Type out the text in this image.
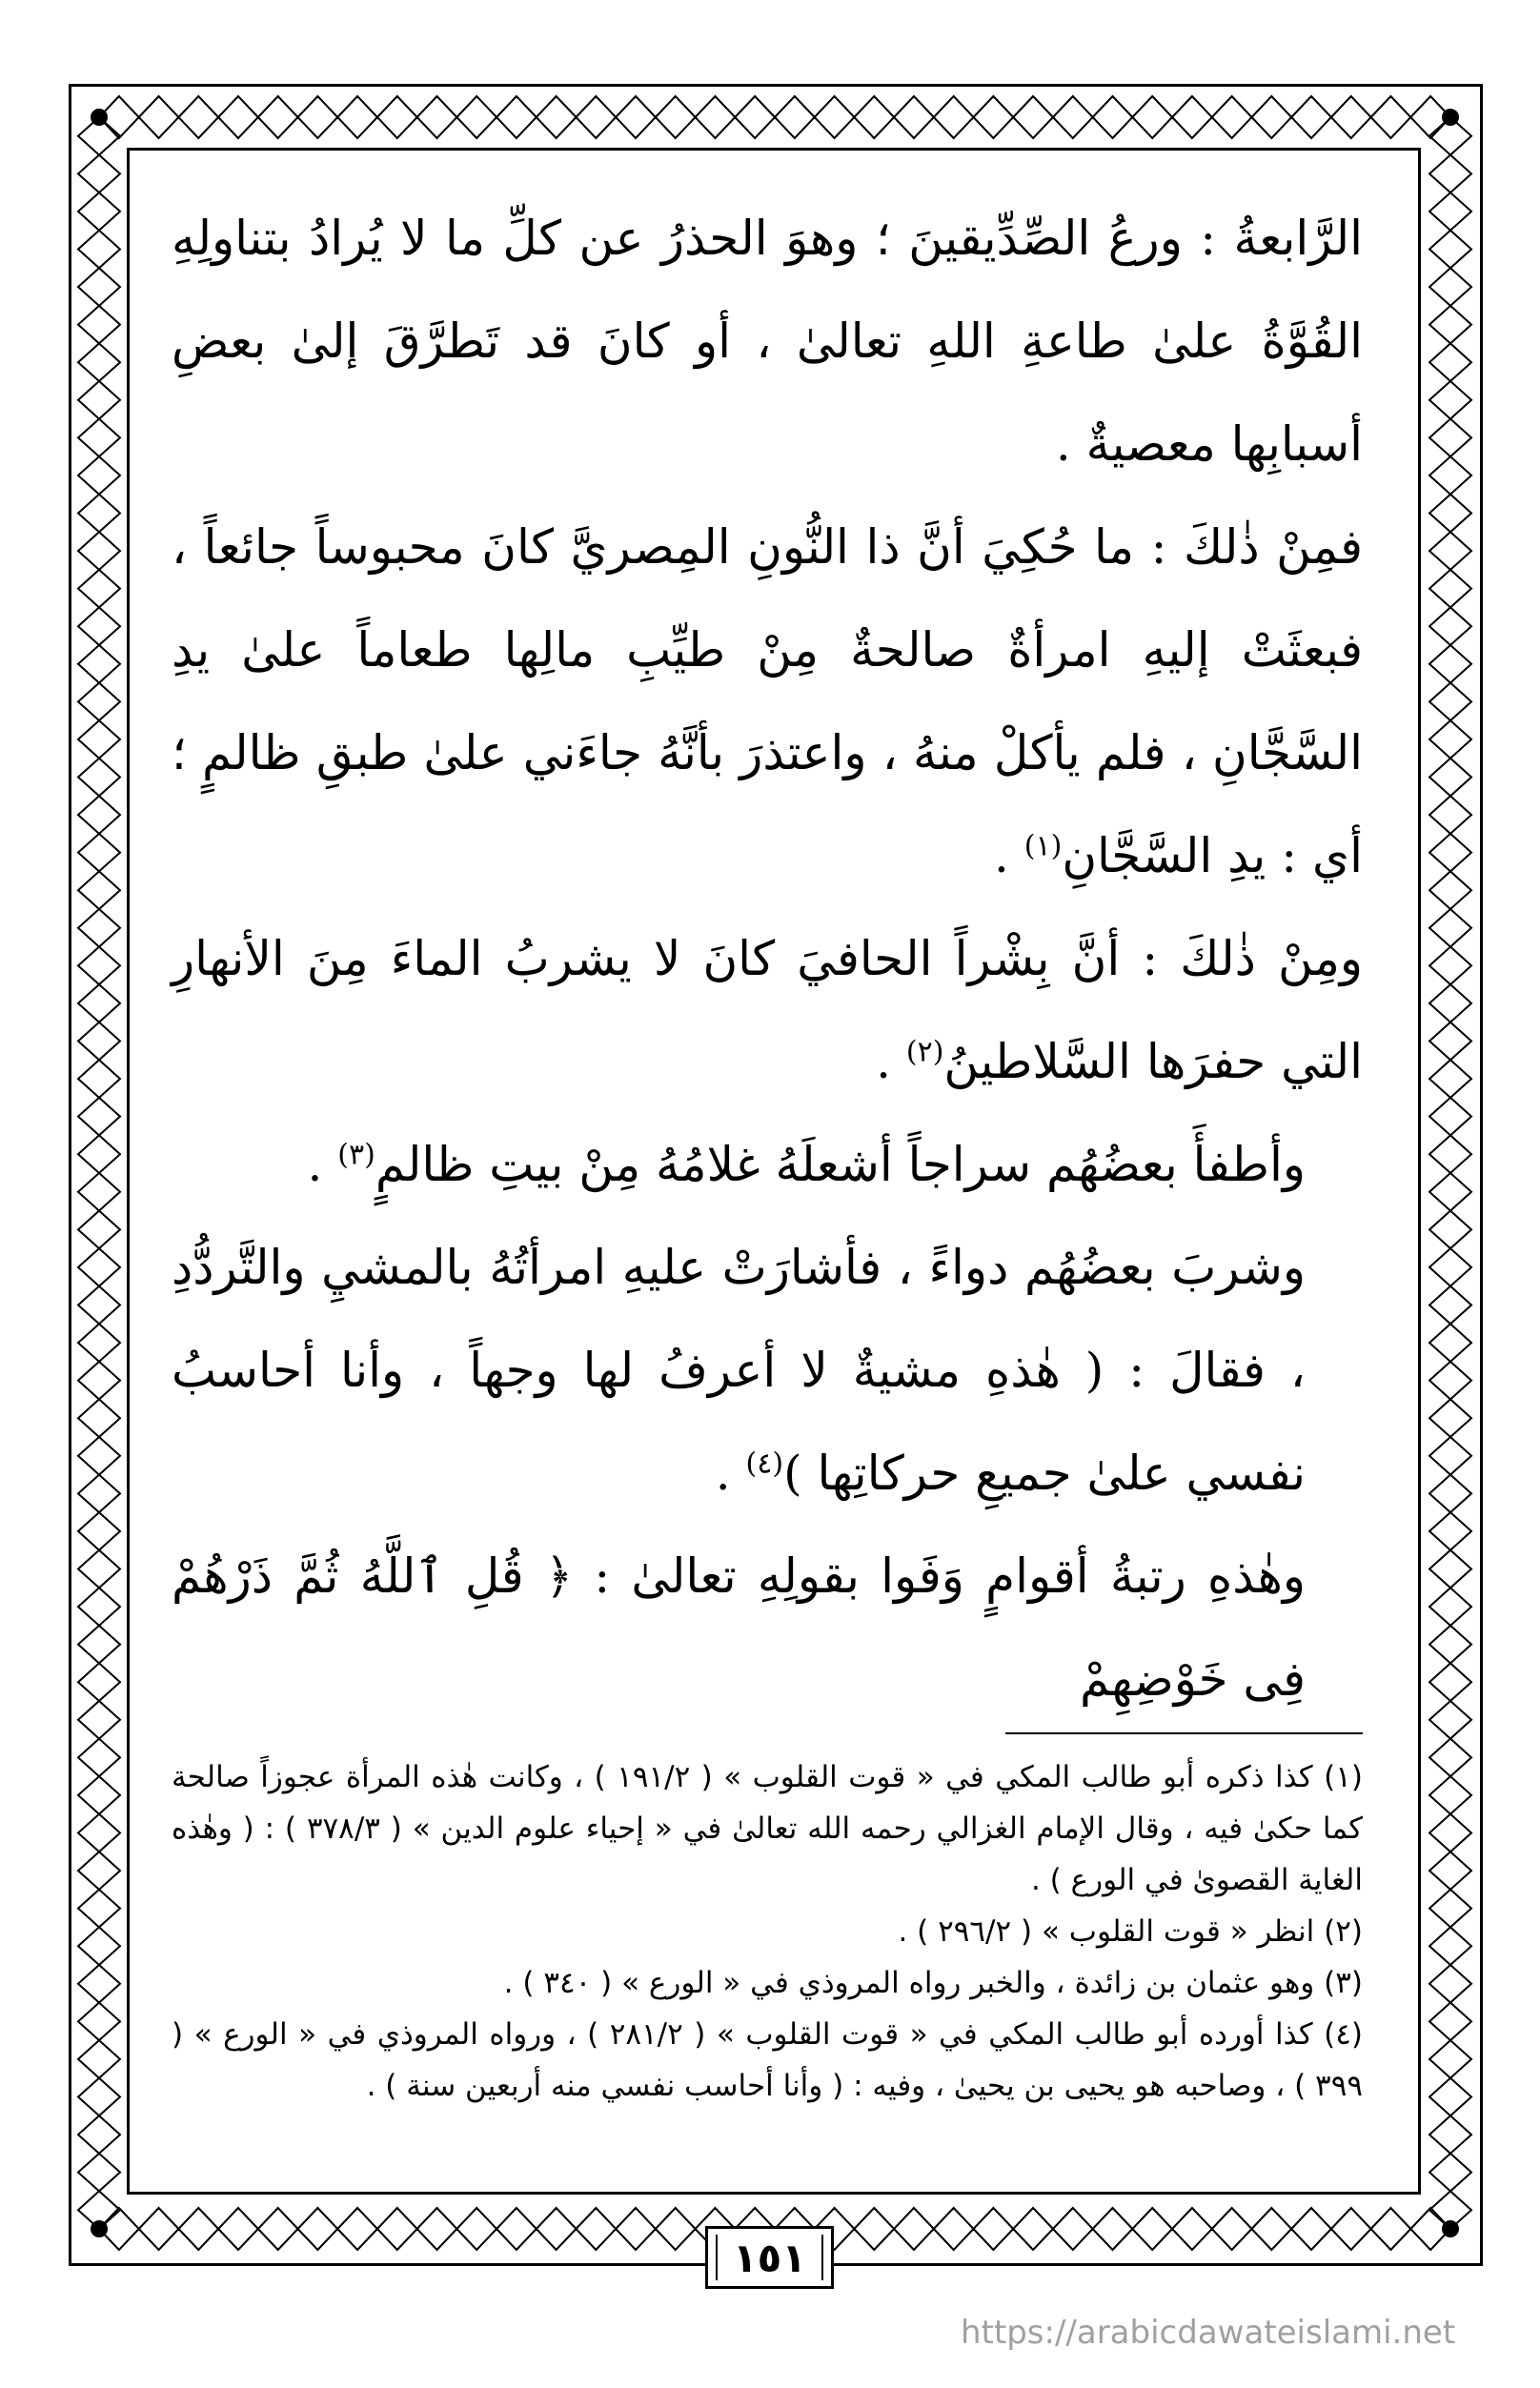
الرَّابعةُ : ورعُ الصِّدِّيقينَ ؛ وهوَ الحذرُ عن كلِّ ما لا يُرادُ بتناولِهِ القُوَّةُ علىٰ طاعةِ اللهِ تعالىٰ ، أو كانَ قد تَطرَّقَ إلىٰ بعضِ أسبابِها معصيةٌ .

فمِنْ ذٰلكَ : ما حُكِيَ أنَّ ذا النُّونِ المِصريَّ كانَ محبوساً جائعاً ، فبعثَتْ إليهِ امرأةٌ صالحةٌ مِنْ طيِّبِ مالِها طعاماً علىٰ يدِ السَّجَّانِ ، فلم يأكلْ منهُ ، واعتذرَ بأنَّهُ جاءَني علىٰ طبقِ ظالمٍ ؛ أي : يدِ السَّجَّانِ$^{(١)}$ .

ومِنْ ذٰلكَ : أنَّ بِشْراً الحافيَ كانَ لا يشربُ الماءَ مِنَ الأنهارِ التي حفرَها السَّلاطينُ$^{(٢)}$ .

وأطفأَ بعضُهُم سراجاً أشعلَهُ غلامُهُ مِنْ بيتِ ظالمٍ$^{(٣)}$ .

وشربَ بعضُهُم دواءً ، فأشارَتْ عليهِ امرأتُهُ بالمشيِ والتَّردُّدِ ، فقالَ : ( هٰذهِ مشيةٌ لا أعرفُ لها وجهاً ، وأنا أحاسبُ نفسي علىٰ جميعِ حركاتِها )$^{(٤)}$ .

وهٰذهِ رتبةُ أقوامٍ وَفَوا بقولِهِ تعالىٰ : ﴿ قُلِ ٱللَّهُ ثُمَّ ذَرْهُمْ فِى خَوْضِهِمْ

(١) كذا ذكره أبو طالب المكي في « قوت القلوب » ( ١٩١/٢ ) ، وكانت هٰذه المرأة عجوزاً صالحة كما حكىٰ فيه ، وقال الإمام الغزالي رحمه الله تعالىٰ في « إحياء علوم الدين » ( ٣٧٨/٣ ) : ( وهٰذه الغاية القصوىٰ في الورع ) .

(٢) انظر « قوت القلوب » ( ٢٩٦/٢ ) .

(٣) وهو عثمان بن زائدة ، والخبر رواه المروذي في « الورع » ( ٣٤٠ ) .

(٤) كذا أورده أبو طالب المكي في « قوت القلوب » ( ٢٨١/٢ ) ، ورواه المروذي في « الورع » ( ٣٩٩ ) ، وصاحبه هو يحيى بن يحيىٰ ، وفيه : ( وأنا أحاسب نفسي منه أربعين سنة ) .

١٥١
https://arabicdawateislami.net
